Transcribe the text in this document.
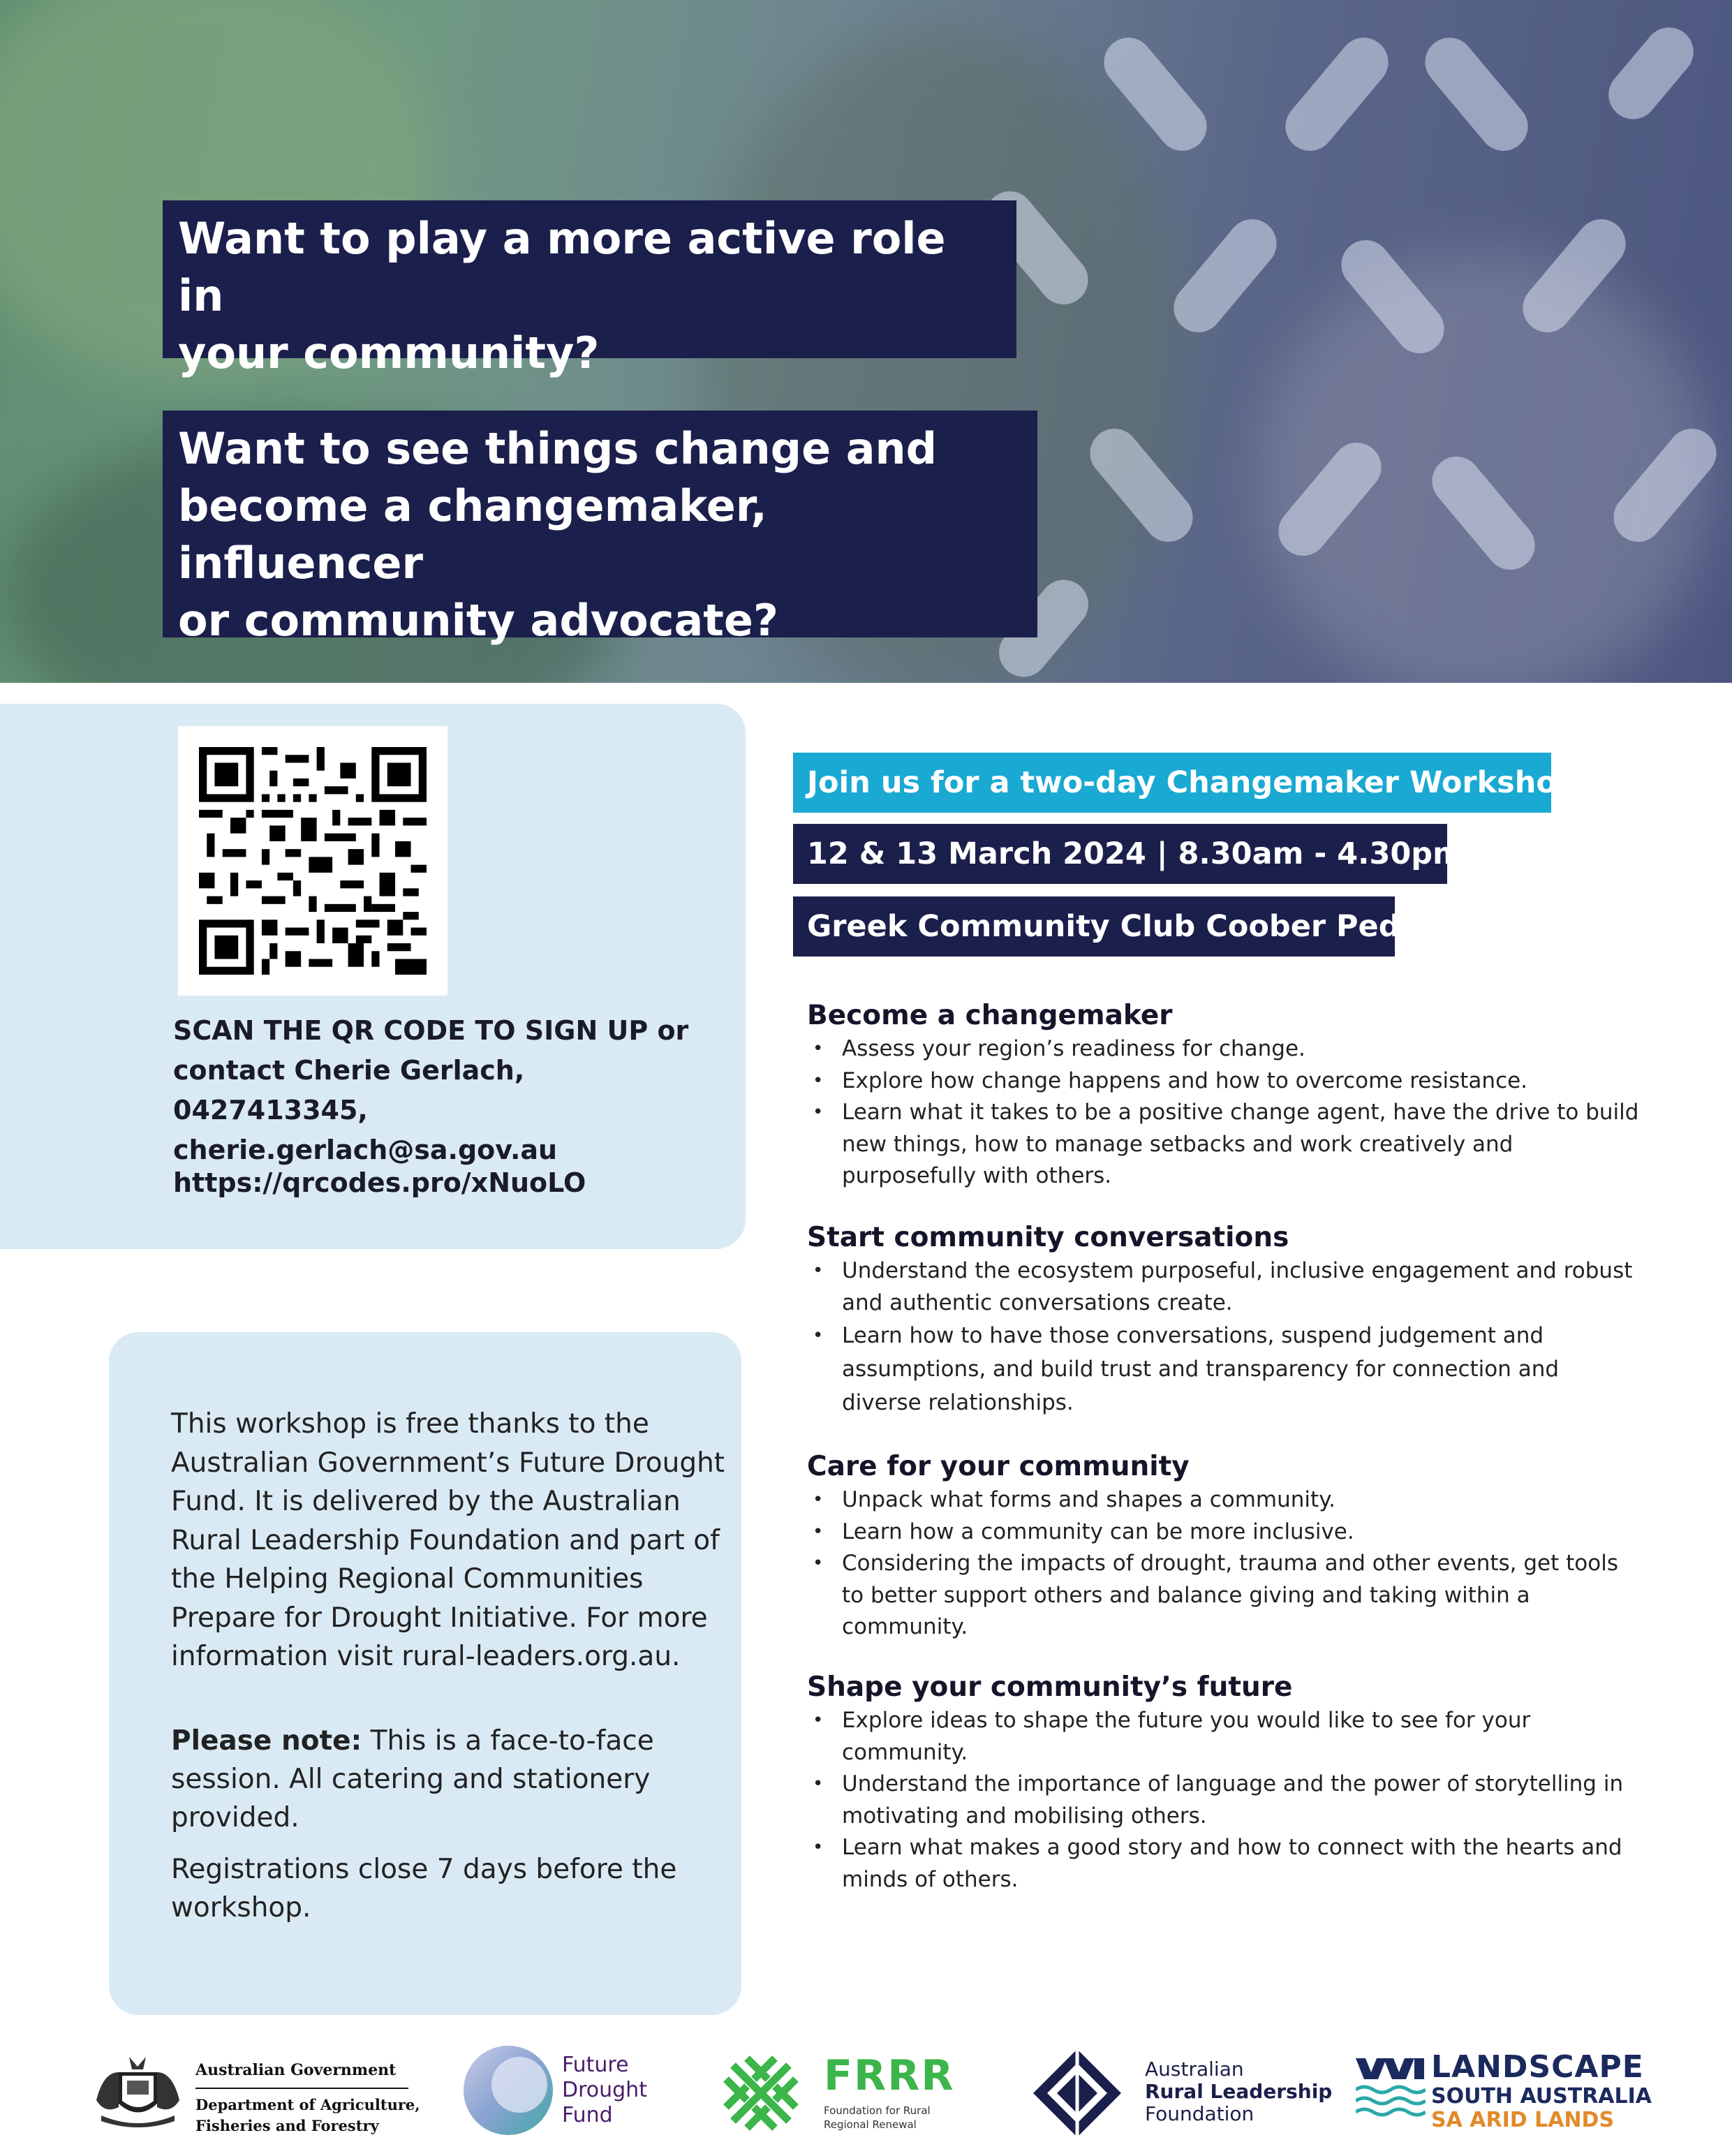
Want to play a more active role in
your community?
Want to see things change and
become a changemaker, influencer
or community advocate?
SCAN THE QR CODE TO SIGN UP or contact Cherie Gerlach, 0427413345, cherie.gerlach@sa.gov.au
https://qrcodes.pro/xNuoLO
This workshop is free thanks to the Australian Government’s Future Drought Fund. It is delivered by the Australian Rural Leadership Foundation and part of the Helping Regional Communities Prepare for Drought Initiative. For more information visit rural-leaders.org.au.
Please note: This is a face-to-face session. All catering and stationery provided.
Registrations close 7 days before the workshop.
Join us for a two-day Changemaker Workshop
12 & 13 March 2024 | 8.30am - 4.30pm
Greek Community Club Coober Pedy
Become a changemaker
• Assess your region’s readiness for change.
• Explore how change happens and how to overcome resistance.
• Learn what it takes to be a positive change agent, have the drive to build new things, how to manage setbacks and work creatively and purposefully with others.
Start community conversations
• Understand the ecosystem purposeful, inclusive engagement and robust and authentic conversations create.
• Learn how to have those conversations, suspend judgement and assumptions, and build trust and transparency for connection and diverse relationships.
Care for your community
• Unpack what forms and shapes a community.
• Learn how a community can be more inclusive.
• Considering the impacts of drought, trauma and other events, get tools to better support others and balance giving and taking within a community.
Shape your community’s future
• Explore ideas to shape the future you would like to see for your community.
• Understand the importance of language and the power of storytelling in motivating and mobilising others.
• Learn what makes a good story and how to connect with the hearts and minds of others.
Australian Government
Department of Agriculture,
Fisheries and Forestry
Future
Drought
Fund
FRRR
Foundation for Rural
Regional Renewal
Australian
Rural Leadership
Foundation
LANDSCAPE
SOUTH AUSTRALIA
SA ARID LANDS
